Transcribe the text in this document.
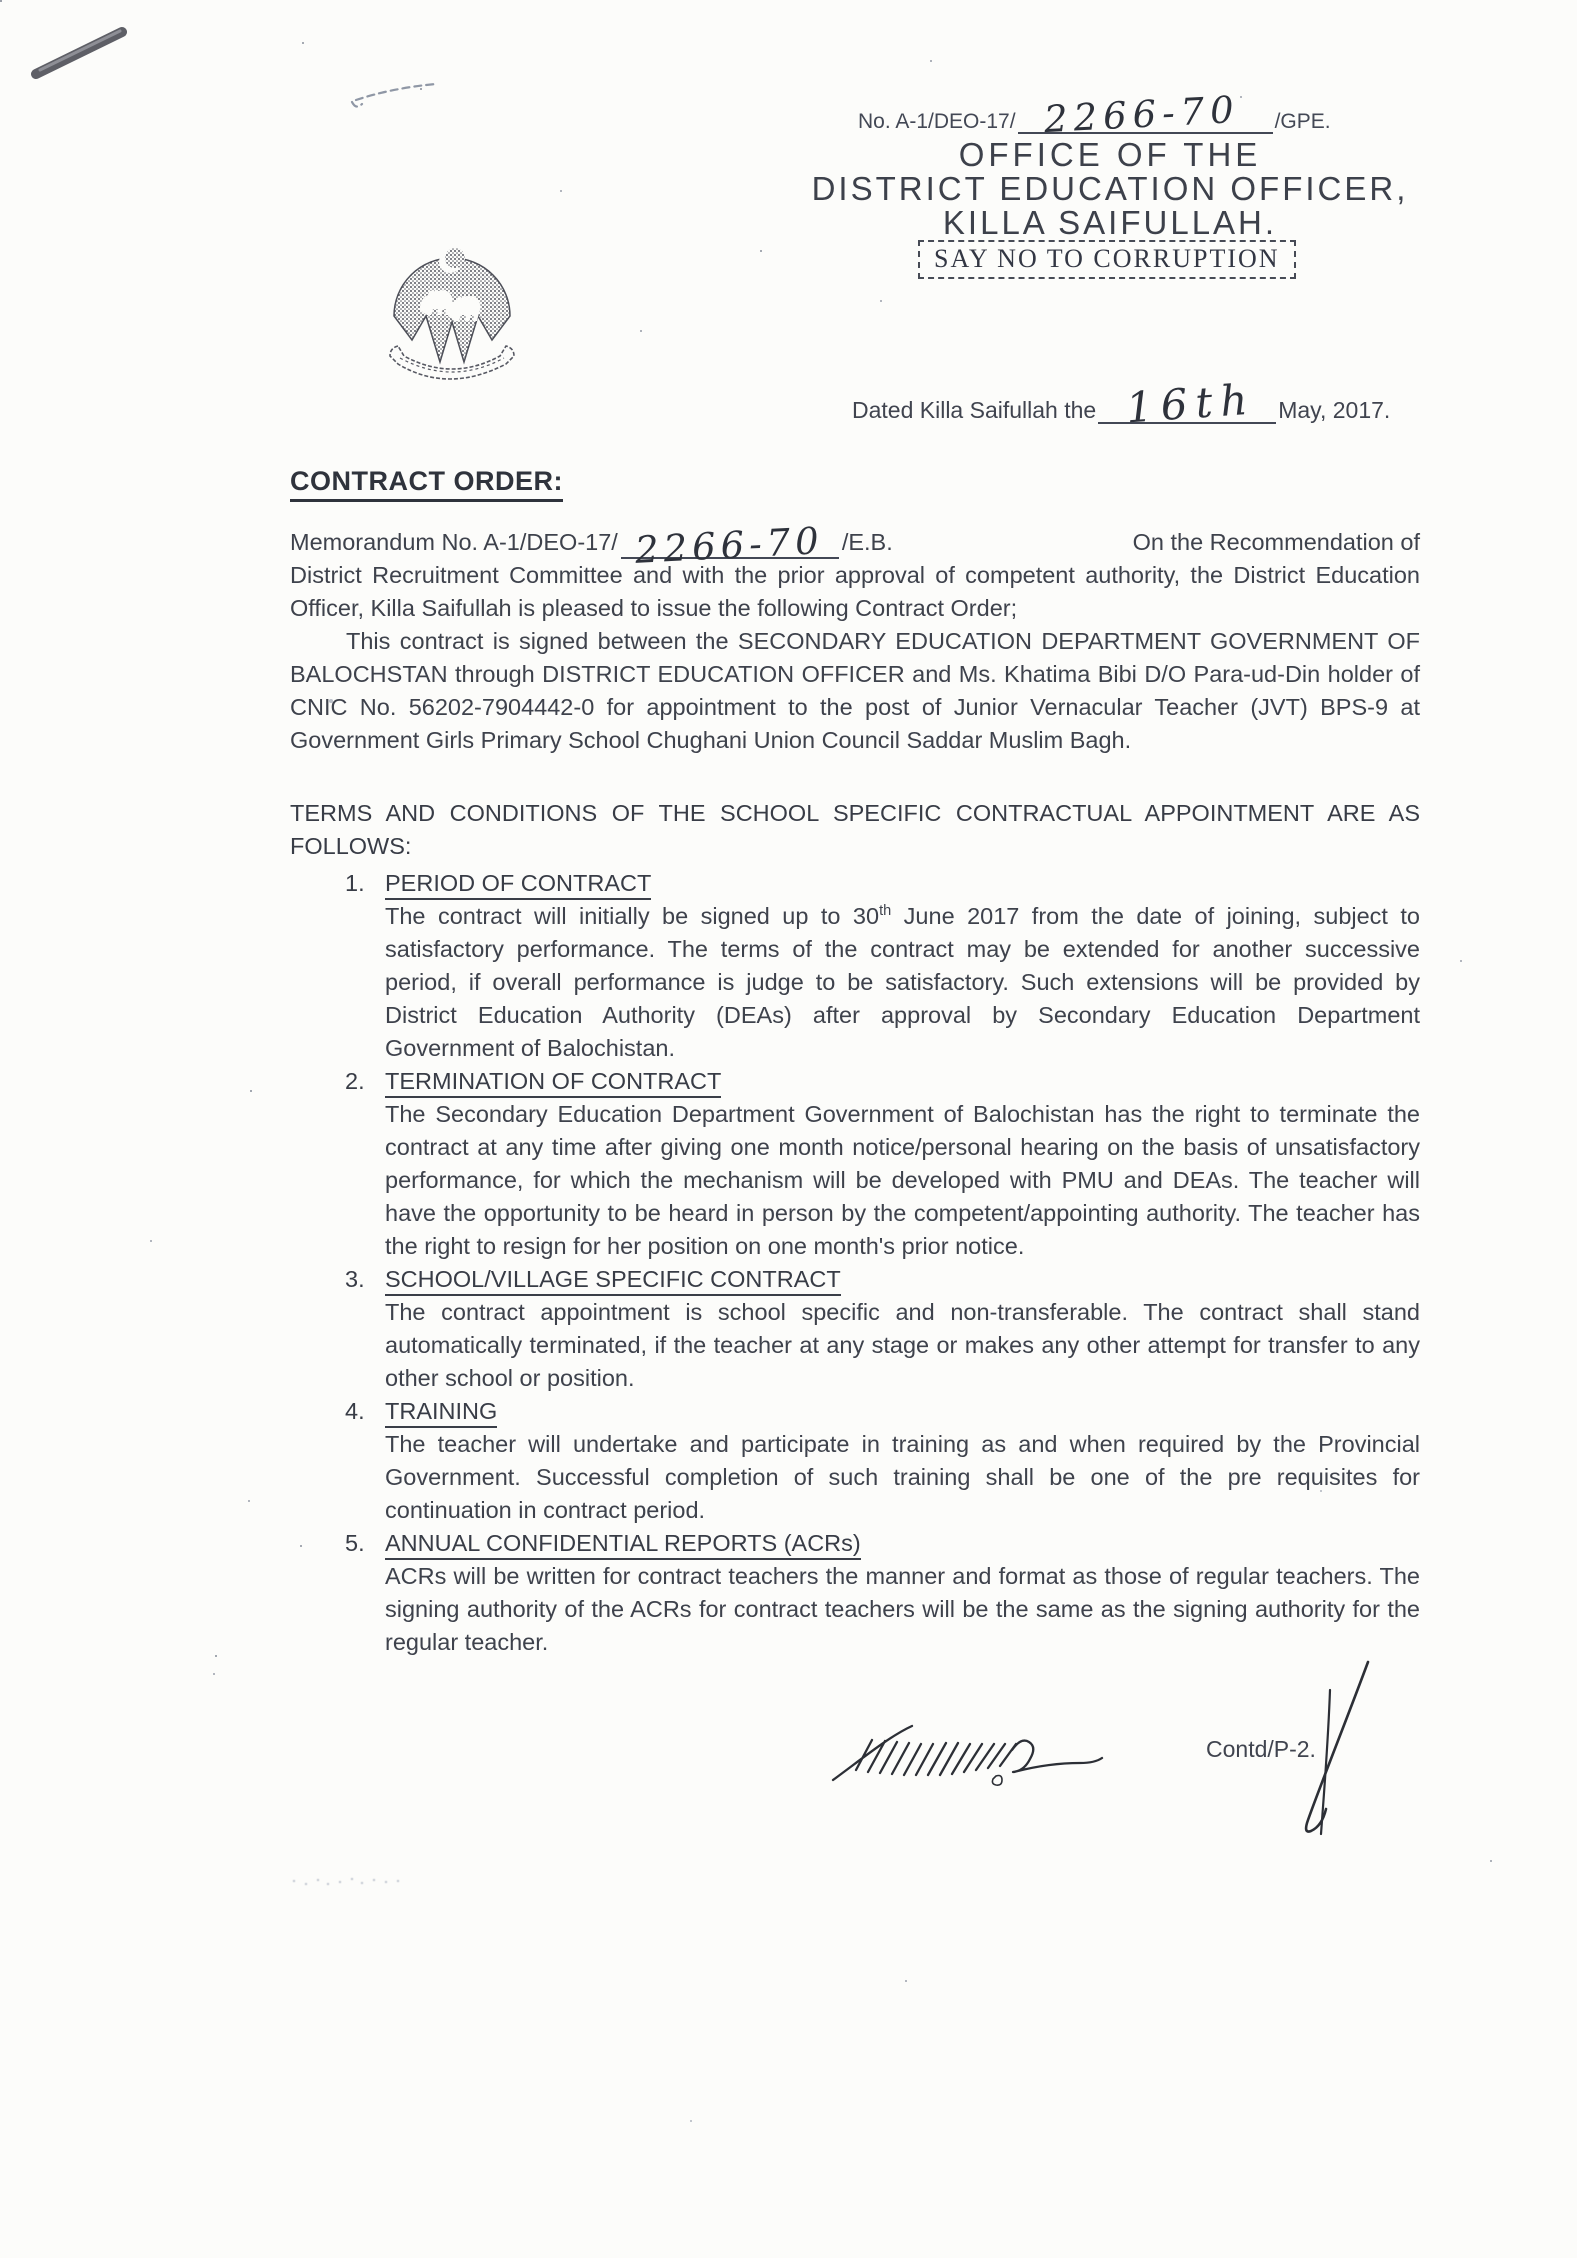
No. A-1/DEO-17/ 2266-70 /GPE.
OFFICE OF THE
DISTRICT EDUCATION OFFICER,
KILLA SAIFULLAH.
SAY NO TO CORRUPTION
Dated Killa Saifullah the 16th May, 2017.
CONTRACT ORDER:
Memorandum No. A-1/DEO-17/ 2266-70 /E.B.	On the Recommendation of

District Recruitment Committee and with the prior approval of competent authority, the District Education Officer, Killa Saifullah is pleased to issue the following Contract Order;

This contract is signed between the SECONDARY EDUCATION DEPARTMENT GOVERNMENT OF BALOCHSTAN through DISTRICT EDUCATION OFFICER and Ms. Khatima Bibi D/O Para-ud-Din holder of CNIC No. 56202-7904442-0 for appointment to the post of Junior Vernacular Teacher (JVT) BPS-9 at Government Girls Primary School Chughani Union Council Saddar Muslim Bagh.

TERMS AND CONDITIONS OF THE SCHOOL SPECIFIC CONTRACTUAL APPOINTMENT ARE AS FOLLOWS:

1. PERIOD OF CONTRACT

The contract will initially be signed up to 30th June 2017 from the date of joining, subject to satisfactory performance. The terms of the contract may be extended for another successive period, if overall performance is judge to be satisfactory. Such extensions will be provided by District Education Authority (DEAs) after approval by Secondary Education Department Government of Balochistan.

2. TERMINATION OF CONTRACT

The Secondary Education Department Government of Balochistan has the right to terminate the contract at any time after giving one month notice/personal hearing on the basis of unsatisfactory performance, for which the mechanism will be developed with PMU and DEAs. The teacher will have the opportunity to be heard in person by the competent/appointing authority. The teacher has the right to resign for her position on one month's prior notice.

3. SCHOOL/VILLAGE SPECIFIC CONTRACT

The contract appointment is school specific and non-transferable. The contract shall stand automatically terminated, if the teacher at any stage or makes any other attempt for transfer to any other school or position.

4. TRAINING

The teacher will undertake and participate in training as and when required by the Provincial Government. Successful completion of such training shall be one of the pre requisites for continuation in contract period.

5. ANNUAL CONFIDENTIAL REPORTS (ACRs)

ACRs will be written for contract teachers the manner and format as those of regular teachers. The signing authority of the ACRs for contract teachers will be the same as the signing authority for the regular teacher.

Contd/P-2.
